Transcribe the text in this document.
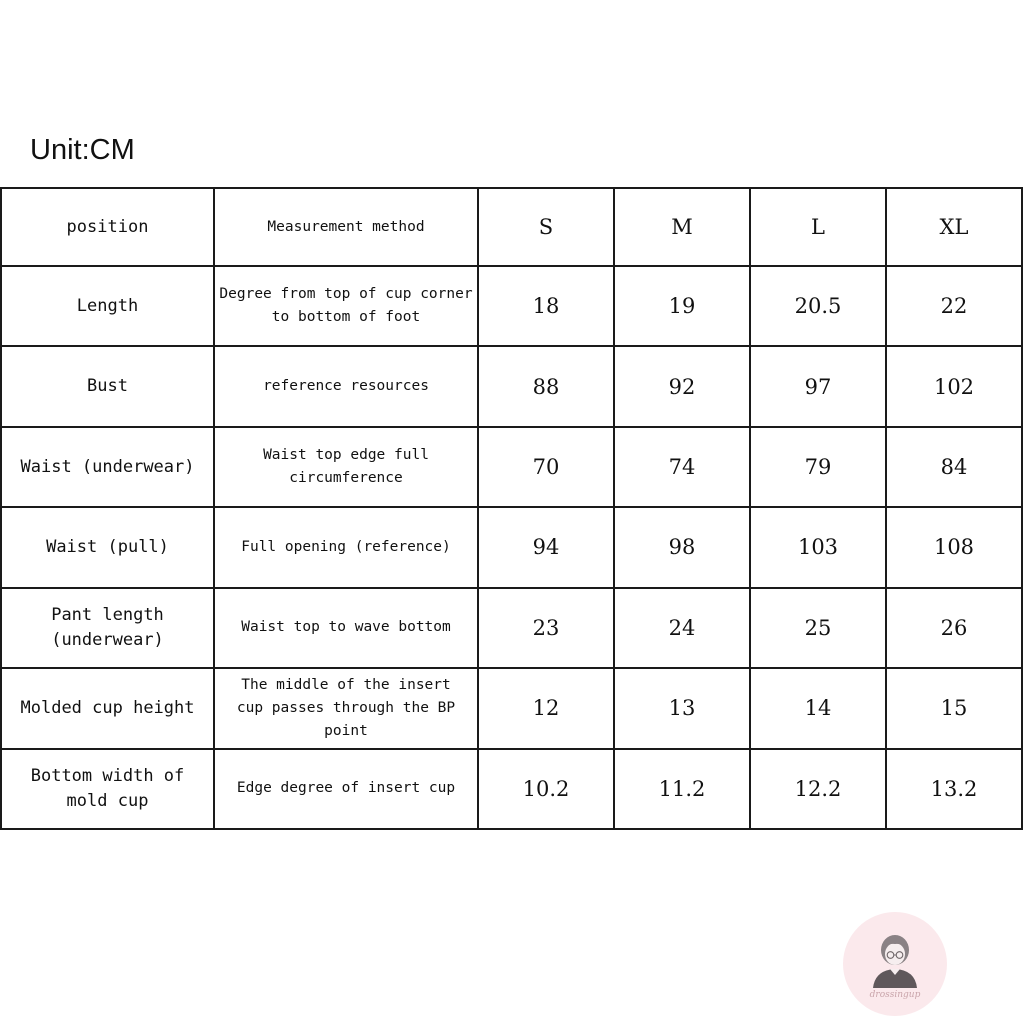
Unit:CM
position	Measurement method	S	M	L	XL

Length	Degree from top of cup corner
to bottom of foot	18	19	20.5	22

Bust	reference resources	88	92	97	102

Waist (underwear)	Waist top edge full
circumference	70	74	79	84

Waist (pull)	Full opening (reference)	94	98	103	108

Pant length
(underwear)	Waist top to wave bottom	23	24	25	26

Molded cup height	The middle of the insert
cup passes through the BP
point	12	13	14	15

Bottom width of
mold cup	Edge degree of insert cup	10.2	11.2	12.2	13.2
drossingup
